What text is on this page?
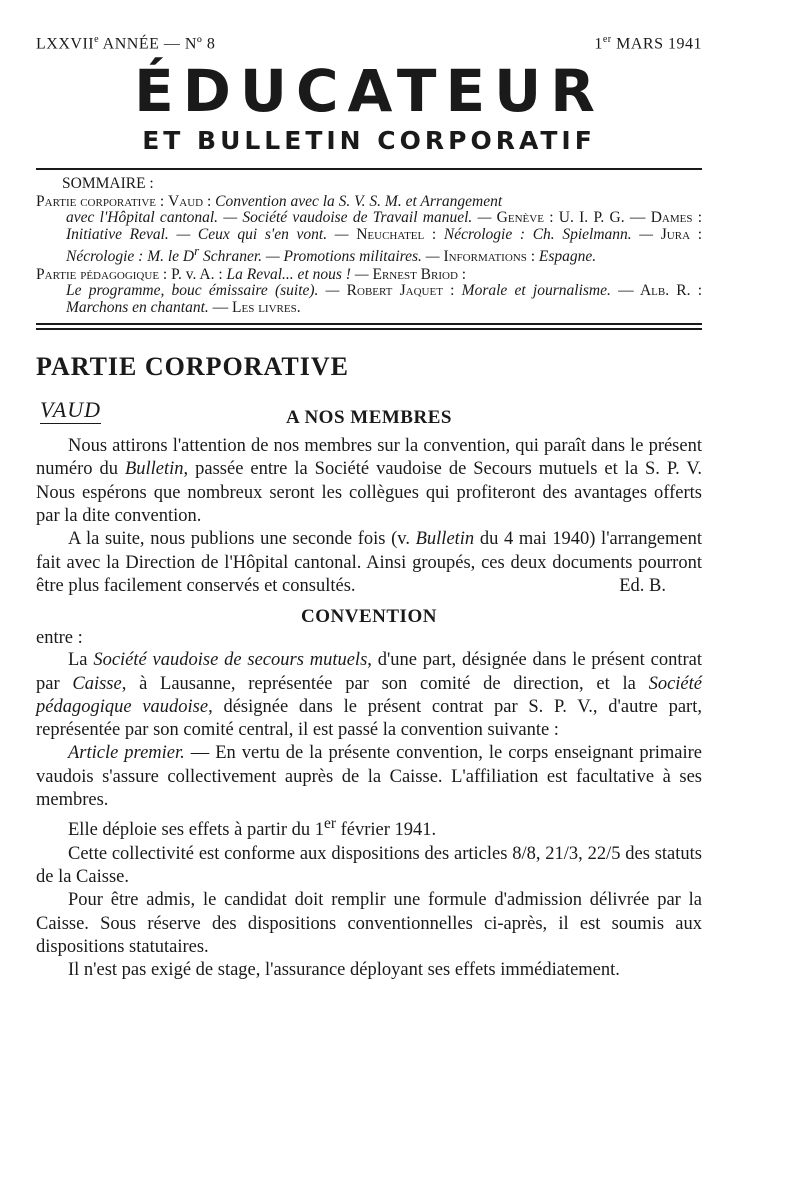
LXXVIIe ANNÉE — Nº 8	1er MARS 1941
ÉDUCATEUR
ET BULLETIN CORPORATIF
SOMMAIRE :

Partie corporative : Vaud : Convention avec la S. V. S. M. et Arrangement
avec l'Hôpital cantonal. — Société vaudoise de Travail manuel. — Genève : U. I. P. G. — Dames : Initiative Reval. — Ceux qui s'en vont. — Neuchatel : Nécrologie : Ch. Spielmann. — Jura : Nécrologie : M. le $D^r$ Schraner. — Promotions militaires. — Informations : Espagne.

Partie pédagogique : P. v. A. : La Reval... et nous ! — Ernest Briod :
Le programme, bouc émissaire (suite). — Robert Jaquet : Morale et journalisme. — Alb. R. : Marchons en chantant. — Les livres.

PARTIE CORPORATIVE
VAUD	A NOS MEMBRES

Nous attirons l'attention de nos membres sur la convention, qui paraît dans le présent numéro du Bulletin, passée entre la Société vaudoise de Secours mutuels et la S. P. V. Nous espérons que nombreux seront les collègues qui profiteront des avantages offerts par la dite convention.

A la suite, nous publions une seconde fois (v. Bulletin du 4 mai 1940) l'arrangement fait avec la Direction de l'Hôpital cantonal. Ainsi groupés, ces deux documents pourront être plus facilement conservés et consultés.	Ed. B.

CONVENTION
entre :

La Société vaudoise de secours mutuels, d'une part, désignée dans le présent contrat par Caisse, à Lausanne, représentée par son comité de direction, et la Société pédagogique vaudoise, désignée dans le présent contrat par S. P. V., d'autre part, représentée par son comité central, il est passé la convention suivante :

Article premier. — En vertu de la présente convention, le corps enseignant primaire vaudois s'assure collectivement auprès de la Caisse. L'affiliation est facultative à ses membres.

Elle déploie ses effets à partir du 1er février 1941.

Cette collectivité est conforme aux dispositions des articles 8/8, 21/3, 22/5 des statuts de la Caisse.

Pour être admis, le candidat doit remplir une formule d'admission délivrée par la Caisse. Sous réserve des dispositions conventionnelles ci-après, il est soumis aux dispositions statutaires.

Il n'est pas exigé de stage, l'assurance déployant ses effets immédiatement.
